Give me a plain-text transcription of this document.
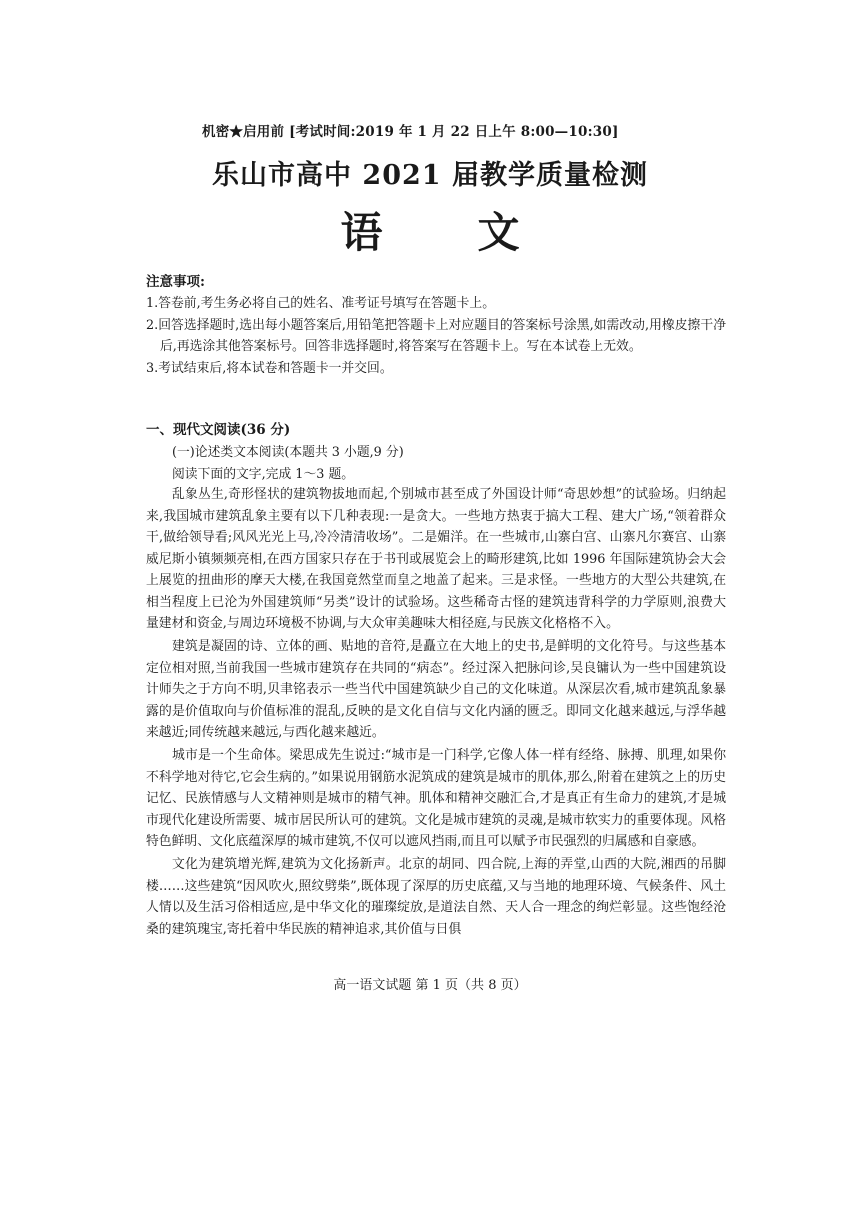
机密★启用前 [考试时间:2019 年 1 月 22 日上午 8:00—10:30]
乐山市高中 2021 届教学质量检测
语文
注意事项:
1.答卷前,考生务必将自己的姓名、准考证号填写在答题卡上。
2.回答选择题时,选出每小题答案后,用铅笔把答题卡上对应题目的答案标号涂黑,如需改动,用橡皮擦干净后,再选涂其他答案标号。回答非选择题时,将答案写在答题卡上。写在本试卷上无效。
3.考试结束后,将本试卷和答题卡一并交回。
一、现代文阅读(36 分)
(一)论述类文本阅读(本题共 3 小题,9 分)
阅读下面的文字,完成 1～3 题。

乱象丛生,奇形怪状的建筑物拔地而起,个别城市甚至成了外国设计师“奇思妙想”的试验场。归纳起来,我国城市建筑乱象主要有以下几种表现:一是贪大。一些地方热衷于搞大工程、建大广场,“领着群众干,做给领导看;风风光光上马,冷冷清清收场”。二是媚洋。在一些城市,山寨白宫、山寨凡尔赛宫、山寨威尼斯小镇频频亮相,在西方国家只存在于书刊或展览会上的畸形建筑,比如 1996 年国际建筑协会大会上展览的扭曲形的摩天大楼,在我国竟然堂而皇之地盖了起来。三是求怪。一些地方的大型公共建筑,在相当程度上已沦为外国建筑师“另类”设计的试验场。这些稀奇古怪的建筑违背科学的力学原则,浪费大量建材和资金,与周边环境极不协调,与大众审美趣味大相径庭,与民族文化格格不入。

建筑是凝固的诗、立体的画、贴地的音符,是矗立在大地上的史书,是鲜明的文化符号。与这些基本定位相对照,当前我国一些城市建筑存在共同的“病态”。经过深入把脉问诊,吴良镛认为一些中国建筑设计师失之于方向不明,贝聿铭表示一些当代中国建筑缺少自己的文化味道。从深层次看,城市建筑乱象暴露的是价值取向与价值标准的混乱,反映的是文化自信与文化内涵的匮乏。即同文化越来越远,与浮华越来越近;同传统越来越远,与西化越来越近。

城市是一个生命体。梁思成先生说过:“城市是一门科学,它像人体一样有经络、脉搏、肌理,如果你不科学地对待它,它会生病的。”如果说用钢筋水泥筑成的建筑是城市的肌体,那么,附着在建筑之上的历史记忆、民族情感与人文精神则是城市的精气神。肌体和精神交融汇合,才是真正有生命力的建筑,才是城市现代化建设所需要、城市居民所认可的建筑。文化是城市建筑的灵魂,是城市软实力的重要体现。风格特色鲜明、文化底蕴深厚的城市建筑,不仅可以遮风挡雨,而且可以赋予市民强烈的归属感和自豪感。

文化为建筑增光辉,建筑为文化扬新声。北京的胡同、四合院,上海的弄堂,山西的大院,湘西的吊脚楼……这些建筑“因风吹火,照纹劈柴”,既体现了深厚的历史底蕴,又与当地的地理环境、气候条件、风土人情以及生活习俗相适应,是中华文化的璀璨绽放,是道法自然、天人合一理念的绚烂彰显。这些饱经沧桑的建筑瑰宝,寄托着中华民族的精神追求,其价值与日俱

高一语文试题 第 1 页（共 8 页）
